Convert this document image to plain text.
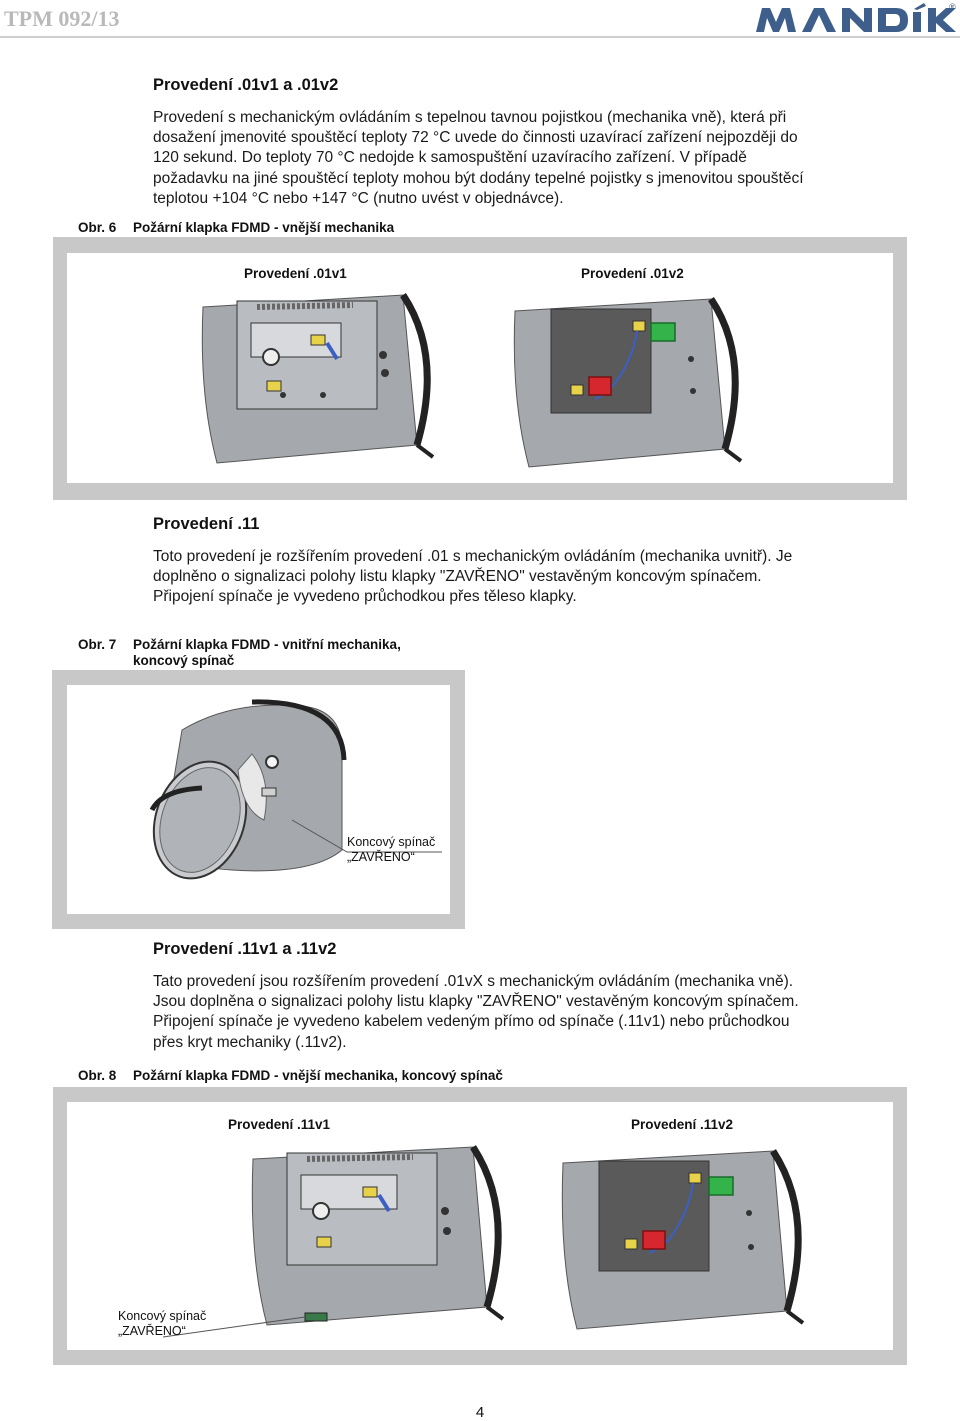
TPM 092/13	®
Provedení .01v1 a .01v2
Provedení s mechanickým ovládáním s tepelnou tavnou pojistkou (mechanika vně), která při
dosažení jmenovité spouštěcí teploty 72 °C uvede do činnosti uzavírací zařízení nejpozději do
120 sekund. Do teploty 70 °C nedojde k samospuštění uzavíracího zařízení. V případě
požadavku na jiné spouštěcí teploty mohou být dodány tepelné pojistky s jmenovitou spouštěcí
teplotou +104 °C nebo +147 °C (nutno uvést v objednávce).
Obr. 6 Požární klapka FDMD - vnější mechanika
Provedení .01v1	Provedení .01v2
Provedení .11
Toto provedení je rozšířením provedení .01 s mechanickým ovládáním (mechanika uvnitř). Je
doplněno o signalizaci polohy listu klapky "ZAVŘENO" vestavěným koncovým spínačem.
Připojení spínače je vyvedeno průchodkou přes těleso klapky.
Obr. 7 Požární klapka FDMD - vnitřní mechanika,
koncový spínač
Koncový spínač
„ZAVŘENO“
Provedení .11v1 a .11v2
Tato provedení jsou rozšířením provedení .01vX s mechanickým ovládáním (mechanika vně).
Jsou doplněna o signalizaci polohy listu klapky "ZAVŘENO" vestavěným koncovým spínačem.
Připojení spínače je vyvedeno kabelem vedeným přímo od spínače (.11v1) nebo průchodkou
přes kryt mechaniky (.11v2).
Obr. 8 Požární klapka FDMD - vnější mechanika, koncový spínač
Provedení .11v1	Provedení .11v2
Koncový spínač
„ZAVŘENO“
4
